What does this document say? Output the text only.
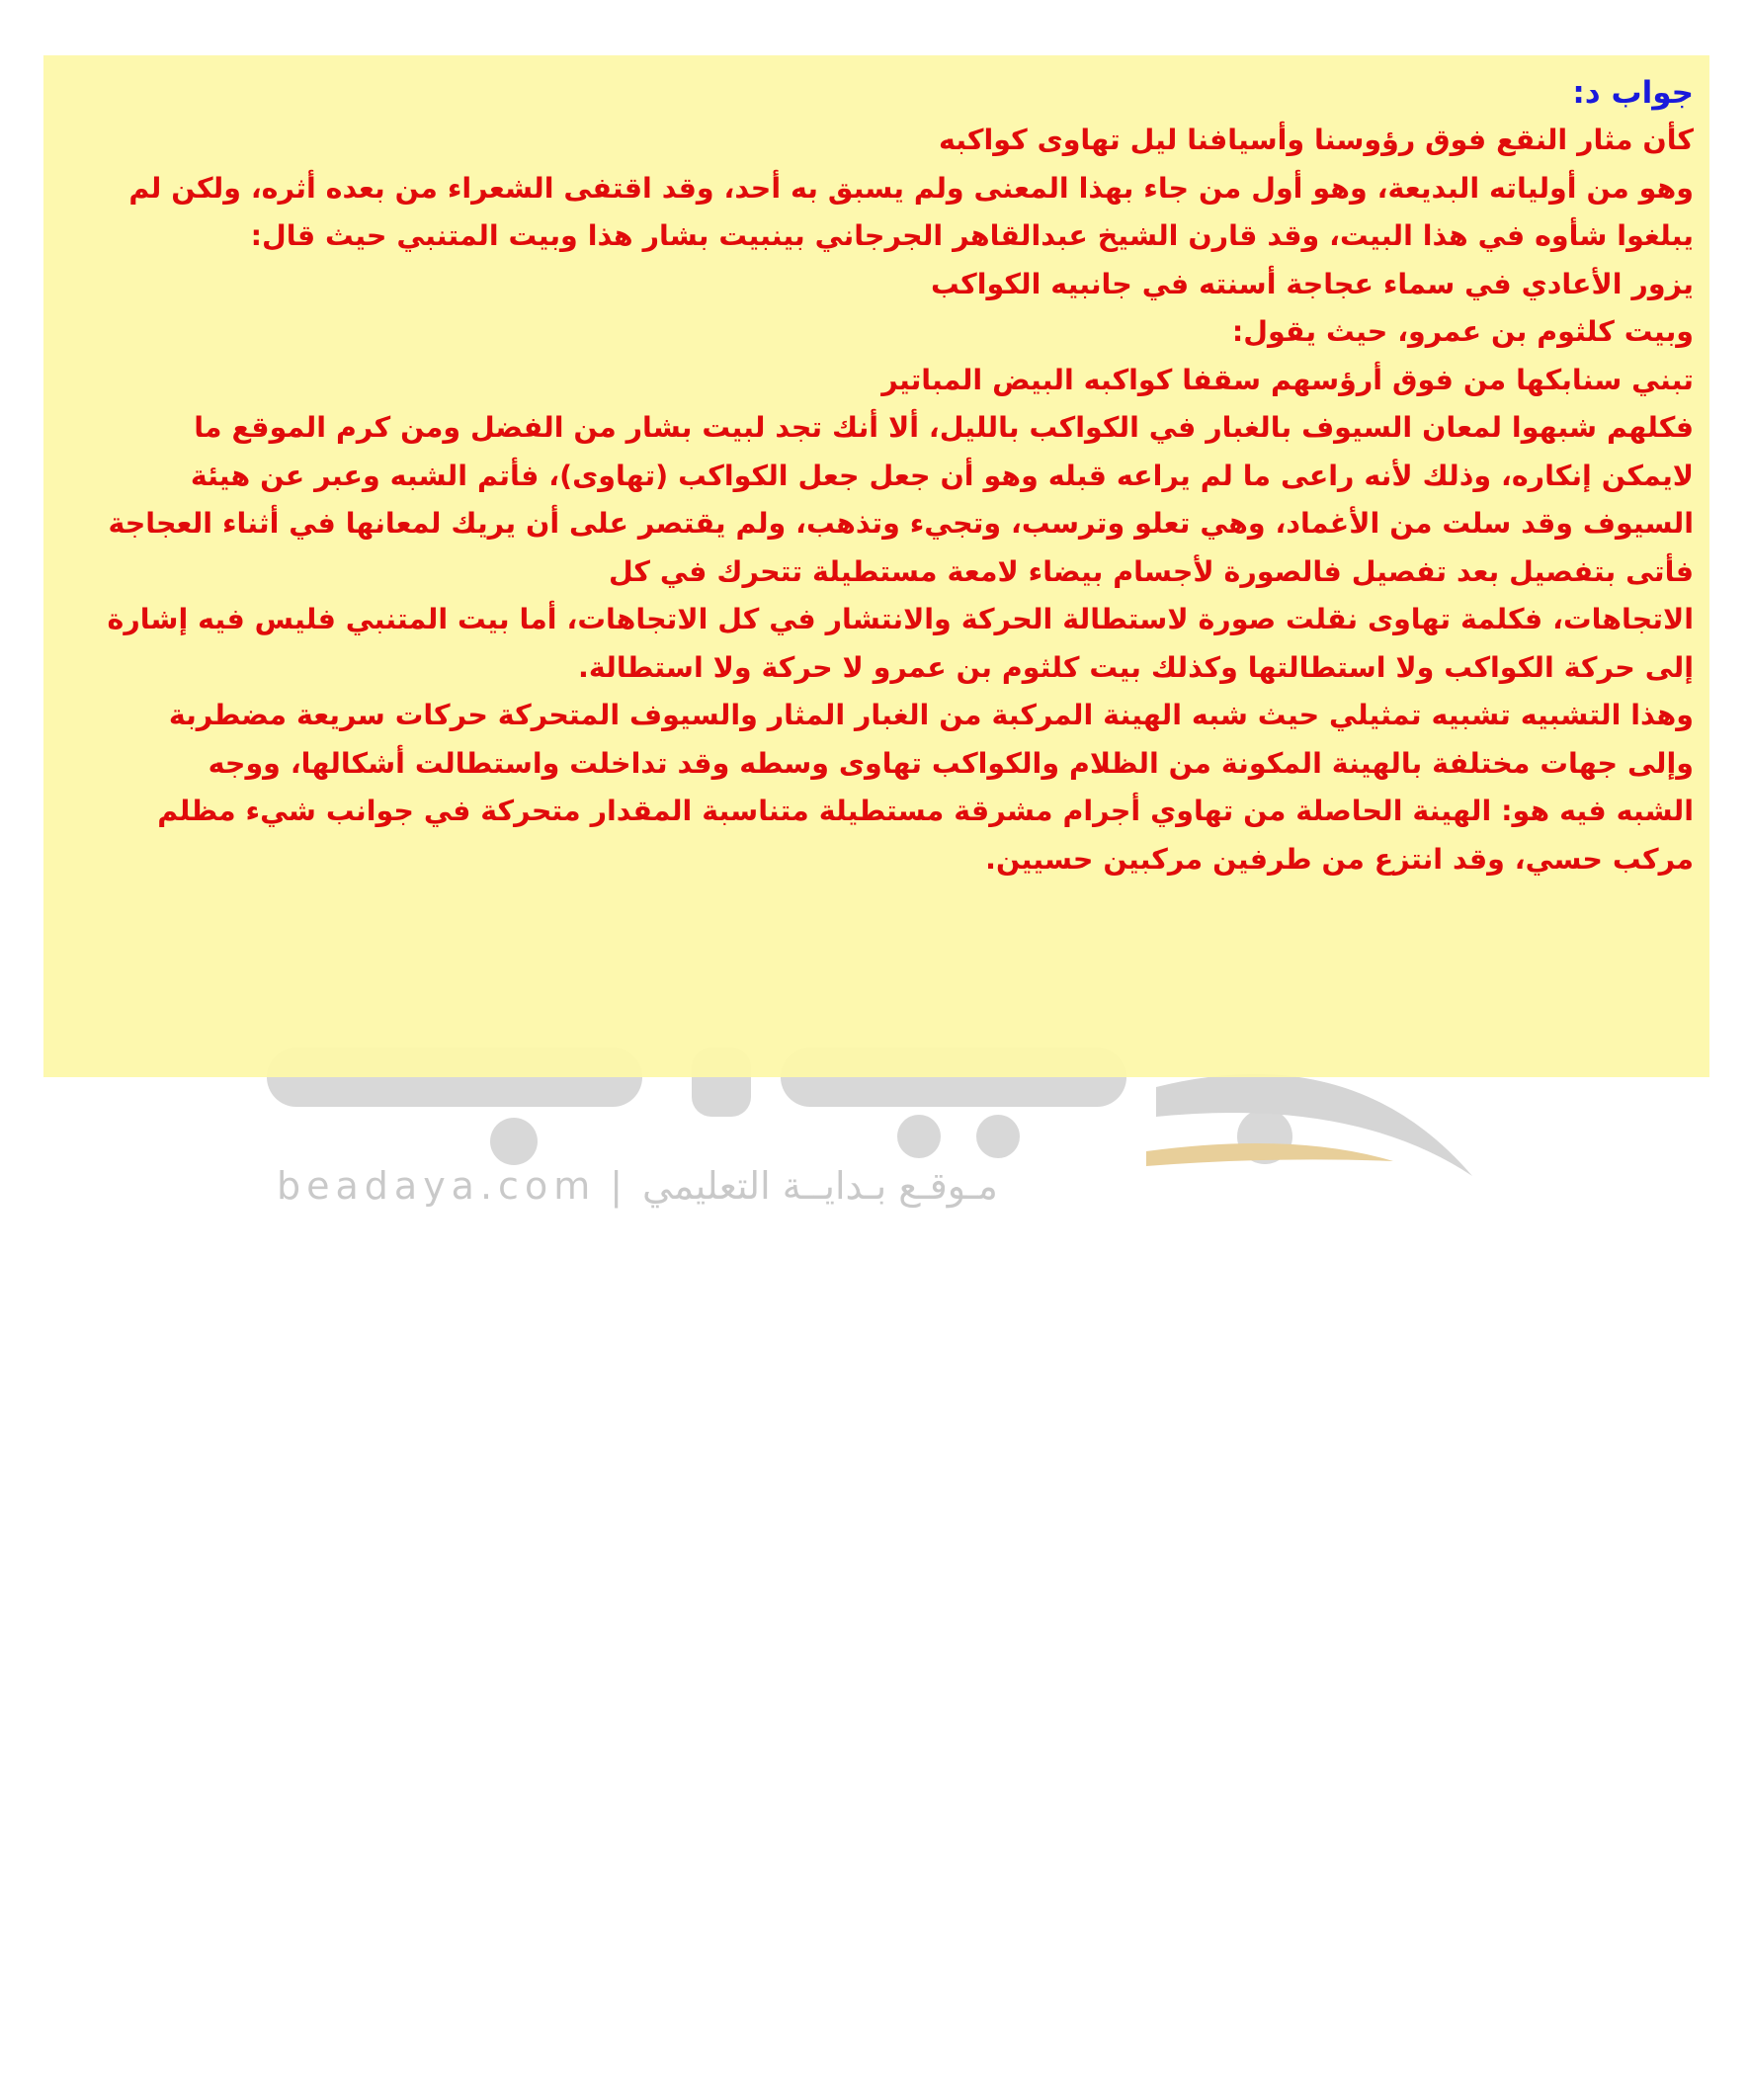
beadaya.com | مـوقـع بـدايــة التعليمي
جواب د:
كأن مثار النقع فوق رؤوسنا وأسيافنا ليل تهاوى كواكبه
وهو من أولياته البديعة، وهو أول من جاء بهذا المعنى ولم يسبق به أحد، وقد اقتفى الشعراء من بعده أثره، ولكن لم
يبلغوا شأوه في هذا البيت، وقد قارن الشيخ عبدالقاهر الجرجاني بينبيت بشار هذا وبيت المتنبي حيث قال:
يزور الأعادي في سماء عجاجة أسنته في جانبيه الكواكب
وبيت كلثوم بن عمرو، حيث يقول:
تبني سنابكها من فوق أرؤسهم سقفا كواكبه البيض المباتير
فكلهم شبهوا لمعان السيوف بالغبار في الكواكب بالليل، ألا أنك تجد لبيت بشار من الفضل ومن كرم الموقع ما
لايمكن إنكاره، وذلك لأنه راعى ما لم يراعه قبله وهو أن جعل جعل الكواكب (تهاوى)، فأتم الشبه وعبر عن هيئة
السيوف وقد سلت من الأغماد، وهي تعلو وترسب، وتجيء وتذهب، ولم يقتصر على أن يريك لمعانها في أثناء العجاجة
فأتى بتفصيل بعد تفصيل فالصورة لأجسام بيضاء لامعة مستطيلة تتحرك في كل
الاتجاهات، فكلمة تهاوى نقلت صورة لاستطالة الحركة والانتشار في كل الاتجاهات، أما بيت المتنبي فليس فيه إشارة
إلى حركة الكواكب ولا استطالتها وكذلك بيت كلثوم بن عمرو لا حركة ولا استطالة.
وهذا التشبيه تشبيه تمثيلي حيث شبه الهينة المركبة من الغبار المثار والسيوف المتحركة حركات سريعة مضطربة
وإلى جهات مختلفة بالهينة المكونة من الظلام والكواكب تهاوى وسطه وقد تداخلت واستطالت أشكالها، ووجه
الشبه فيه هو: الهينة الحاصلة من تهاوي أجرام مشرقة مستطيلة متناسبة المقدار متحركة في جوانب شيء مظلم
مركب حسي، وقد انتزع من طرفين مركبين حسيين.
